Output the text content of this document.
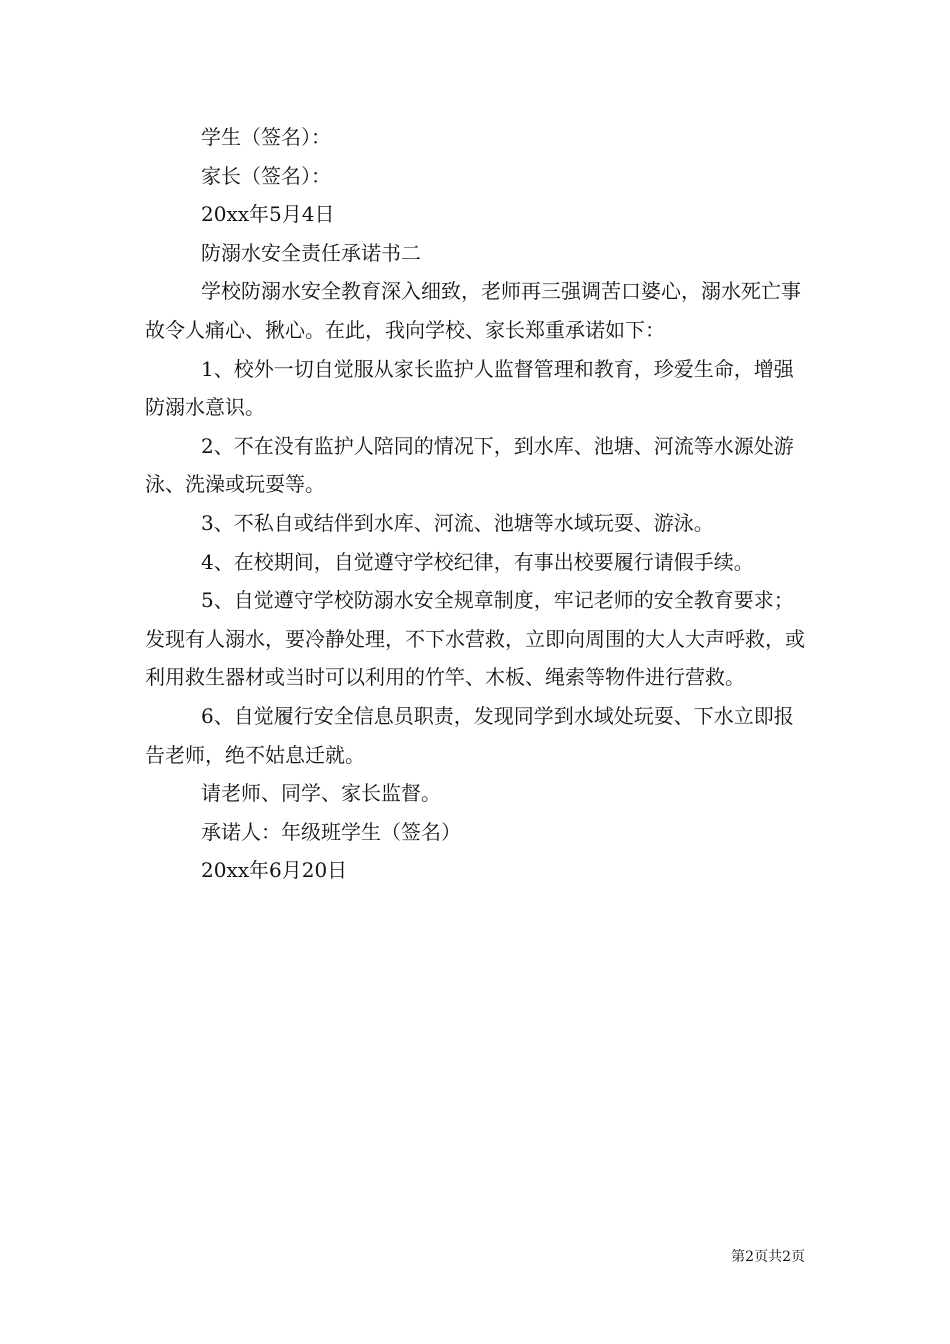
学生（签名）：

家长（签名）：

20xx年5月4日

防溺水安全责任承诺书二

学校防溺水安全教育深入细致，老师再三强调苦口婆心，溺水死亡事故令人痛心、揪心。在此，我向学校、家长郑重承诺如下：

1、校外一切自觉服从家长监护人监督管理和教育，珍爱生命，增强防溺水意识。

2、不在没有监护人陪同的情况下，到水库、池塘、河流等水源处游泳、洗澡或玩耍等。

3、不私自或结伴到水库、河流、池塘等水域玩耍、游泳。

4、在校期间，自觉遵守学校纪律，有事出校要履行请假手续。

5、自觉遵守学校防溺水安全规章制度，牢记老师的安全教育要求；发现有人溺水，要冷静处理，不下水营救，立即向周围的大人大声呼救，或利用救生器材或当时可以利用的竹竿、木板、绳索等物件进行营救。

6、自觉履行安全信息员职责，发现同学到水域处玩耍、下水立即报告老师，绝不姑息迁就。

请老师、同学、家长监督。

承诺人：年级班学生（签名）

20xx年6月20日

第2页共2页
